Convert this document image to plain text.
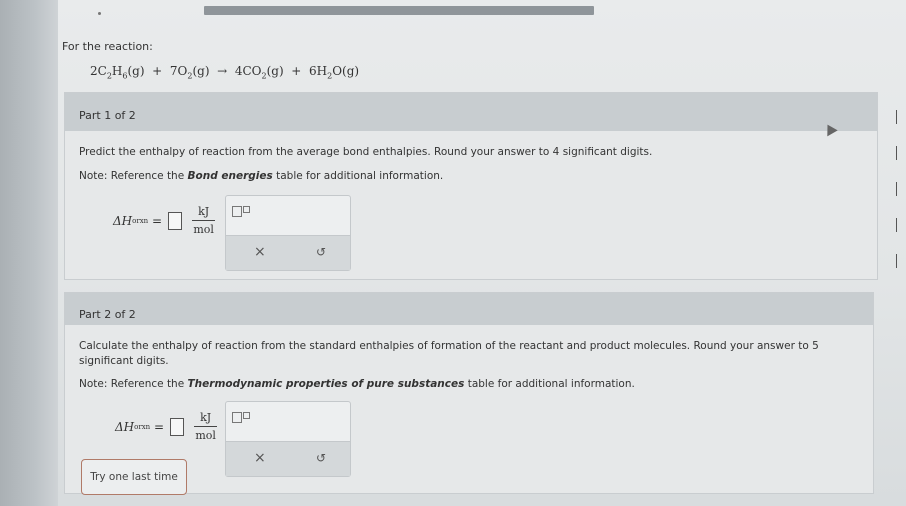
For the reaction:
$2C_2H_6(g) + 7O_2(g) \to 4CO_2(g) + 6H_2O(g)$
Part 1 of 2
Predict the enthalpy of reaction from the average bond enthalpies. Round your answer to 4 significant digits.
Note: Reference the Bond energies table for additional information.
ΔH o rxn
=	$\frac{kJ}{\text{mol}}$
×	↺
Part 2 of 2
Calculate the enthalpy of reaction from the standard enthalpies of formation of the reactant and product molecules. Round your answer to 5 significant digits.
Note: Reference the Thermodynamic properties of pure substances table for additional information.
ΔH o rxn
=	$\frac{kJ}{\text{mol}}$
×	↺
Try one last time
